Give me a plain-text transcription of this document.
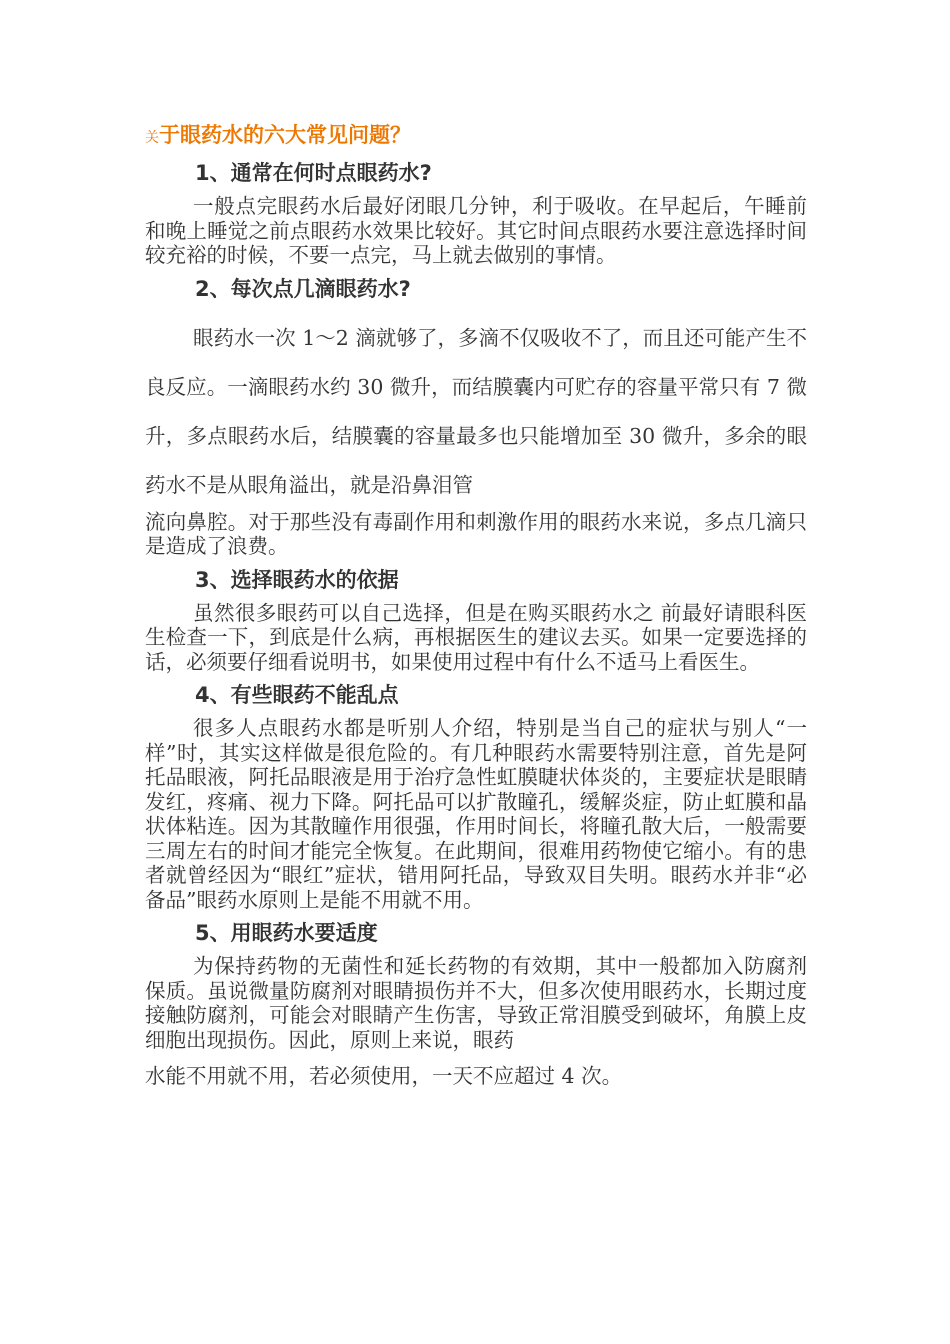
关于眼药水的六大常见问题？
1、通常在何时点眼药水?

一般点完眼药水后最好闭眼几分钟，利于吸收。在早起后，午睡前和晚上睡觉之前点眼药水效果比较好。其它时间点眼药水要注意选择时间较充裕的时候，不要一点完，马上就去做别的事情。

2、每次点几滴眼药水?

眼药水一次 1～2 滴就够了，多滴不仅吸收不了，而且还可能产生不良反应。一滴眼药水约 30 微升，而结膜囊内可贮存的容量平常只有 7 微升，多点眼药水后，结膜囊的容量最多也只能增加至 30 微升，多余的眼药水不是从眼角溢出，就是沿鼻泪管

流向鼻腔。对于那些没有毒副作用和刺激作用的眼药水来说，多点几滴只是造成了浪费。

3、选择眼药水的依据

虽然很多眼药可以自己选择，但是在购买眼药水之 前最好请眼科医生检查一下，到底是什么病，再根据医生的建议去买。如果一定要选择的话，必须要仔细看说明书，如果使用过程中有什么不适马上看医生。

4、有些眼药不能乱点

很多人点眼药水都是听别人介绍，特别是当自己的症状与别人“一样”时，其实这样做是很危险的。有几种眼药水需要特别注意，首先是阿托品眼液，阿托品眼液是用于治疗急性虹膜睫状体炎的，主要症状是眼睛发红，疼痛、视力下降。阿托品可以扩散瞳孔，缓解炎症，防止虹膜和晶状体粘连。因为其散瞳作用很强，作用时间长，将瞳孔散大后，一般需要三周左右的时间才能完全恢复。在此期间，很难用药物使它缩小。有的患者就曾经因为“眼红”症状，错用阿托品，导致双目失明。眼药水并非“必备品”眼药水原则上是能不用就不用。

5、用眼药水要适度

为保持药物的无菌性和延长药物的有效期，其中一般都加入防腐剂保质。虽说微量防腐剂对眼睛损伤并不大，但多次使用眼药水，长期过度接触防腐剂，可能会对眼睛产生伤害，导致正常泪膜受到破坏，角膜上皮细胞出现损伤。因此，原则上来说，眼药

水能不用就不用，若必须使用，一天不应超过 4 次。
